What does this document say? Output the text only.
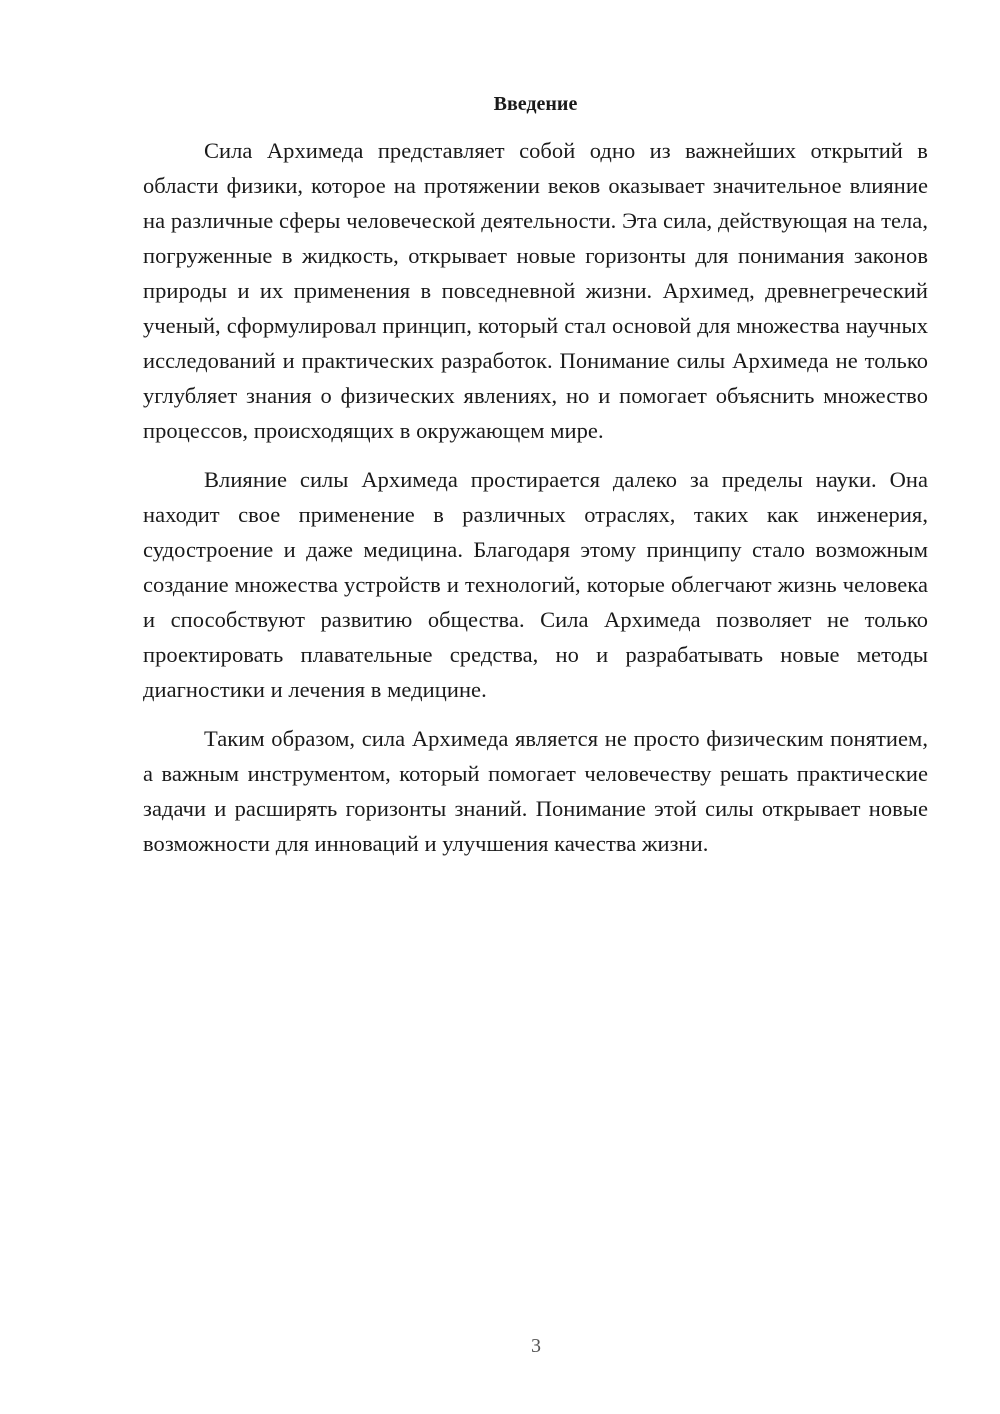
Введение

Сила Архимеда представляет собой одно из важнейших открытий в области физики, которое на протяжении веков оказывает значительное влияние на различные сферы человеческой деятельности. Эта сила, действующая на тела, погруженные в жидкость, открывает новые горизонты для понимания законов природы и их применения в повседневной жизни. Архимед, древнегреческий ученый, сформулировал принцип, который стал основой для множества научных исследований и практических разработок. Понимание силы Архимеда не только углубляет знания о физических явлениях, но и помогает объяснить множество процессов, происходящих в окружающем мире.

Влияние силы Архимеда простирается далеко за пределы науки. Она находит свое применение в различных отраслях, таких как инженерия, судостроение и даже медицина. Благодаря этому принципу стало возможным создание множества устройств и технологий, которые облегчают жизнь человека и способствуют развитию общества. Сила Архимеда позволяет не только проектировать плавательные средства, но и разрабатывать новые методы диагностики и лечения в медицине.

Таким образом, сила Архимеда является не просто физическим понятием, а важным инструментом, который помогает человечеству решать практические задачи и расширять горизонты знаний. Понимание этой силы открывает новые возможности для инноваций и улучшения качества жизни.

3
